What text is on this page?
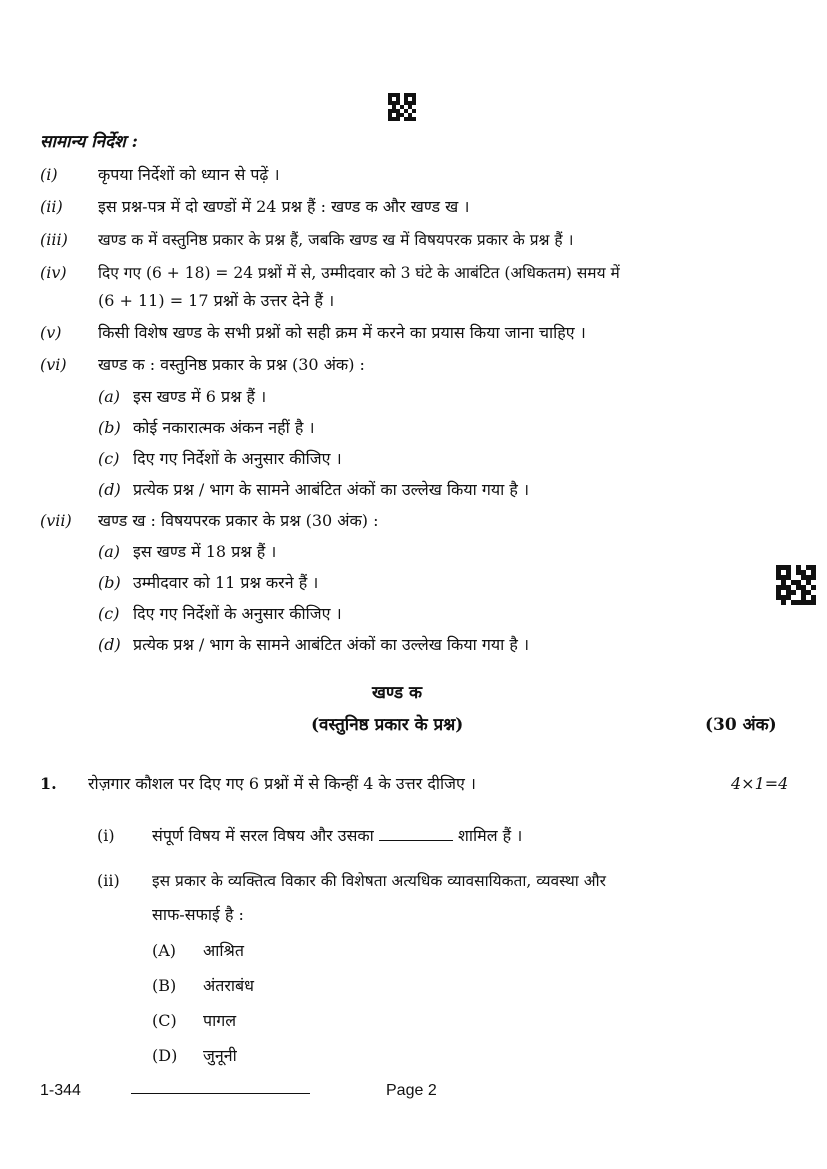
सामान्य निर्देश :
(i)	कृपया निर्देशों को ध्यान से पढ़ें ।
(ii) इस प्रश्न-पत्र में दो खण्डों में 24 प्रश्न हैं : खण्ड क और खण्ड ख ।
(iii) खण्ड क में वस्तुनिष्ठ प्रकार के प्रश्न हैं, जबकि खण्ड ख में विषयपरक प्रकार के प्रश्न हैं ।
(iv) दिए गए (6 + 18) = 24 प्रश्नों में से, उम्मीदवार को 3 घंटे के आबंटित (अधिकतम) समय में
(6 + 11) = 17 प्रश्नों के उत्तर देने हैं ।
(v) किसी विशेष खण्ड के सभी प्रश्नों को सही क्रम में करने का प्रयास किया जाना चाहिए ।
(vi) खण्ड क : वस्तुनिष्ठ प्रकार के प्रश्न (30 अंक) :
(a) इस खण्ड में 6 प्रश्न हैं ।
(b) कोई नकारात्मक अंकन नहीं है ।
(c) दिए गए निर्देशों के अनुसार कीजिए ।
(d) प्रत्येक प्रश्न / भाग के सामने आबंटित अंकों का उल्लेख किया गया है ।
(vii) खण्ड ख : विषयपरक प्रकार के प्रश्न (30 अंक) :
(a) इस खण्ड में 18 प्रश्न हैं ।
(b) उम्मीदवार को 11 प्रश्न करने हैं ।
(c) दिए गए निर्देशों के अनुसार कीजिए ।
(d) प्रत्येक प्रश्न / भाग के सामने आबंटित अंकों का उल्लेख किया गया है ।
खण्ड क
(वस्तुनिष्ठ प्रकार के प्रश्न)	(30 अंक)
1. रोज़गार कौशल पर दिए गए 6 प्रश्नों में से किन्हीं 4 के उत्तर दीजिए ।	4×1=4
(i) संपूर्ण विषय में सरल विषय और उसका	शामिल हैं ।
(ii) इस प्रकार के व्यक्तित्व विकार की विशेषता अत्यधिक व्यावसायिकता, व्यवस्था और
साफ-सफाई है :
(A) आश्रित
(B) अंतराबंध
(C) पागल
(D) जुनूनी
1-344	Page 2
